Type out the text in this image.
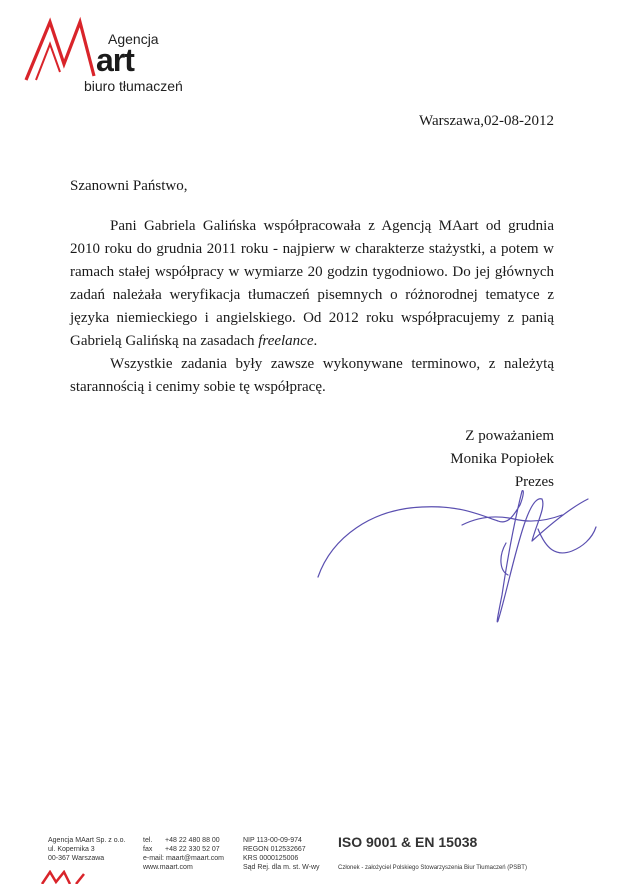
Agencja
art
biuro tłumaczeń
Warszawa,02-08-2012
Szanowni Państwo,

Pani Gabriela Galińska współpracowała z Agencją MAart od grudnia 2010 roku do grudnia 2011 roku - najpierw w charakterze stażystki, a potem w ramach stałej współpracy w wymiarze 20 godzin tygodniowo. Do jej głównych zadań należała weryfikacja tłumaczeń pisemnych o różnorodnej tematyce z języka niemieckiego i angielskiego. Od 2012 roku współpracujemy z panią Gabrielą Galińską na zasadach freelance.

Wszystkie zadania były zawsze wykonywane terminowo, z należytą starannością i cenimy sobie tę współpracę.

Z poważaniem
Monika Popiołek
Prezes
Agencja MAart Sp. z o.o.
ul. Kopernika 3
00-367 Warszawa
tel. +48 22 480 88 00
fax +48 22 330 52 07
e-mail: maart@maart.com
www.maart.com
NIP 113-00-09-974
REGON 012532667
KRS 0000125006
Sąd Rej. dla m. st. W-wy
ISO 9001 & EN 15038
Członek - założyciel Polskiego Stowarzyszenia Biur Tłumaczeń (PSBT)
